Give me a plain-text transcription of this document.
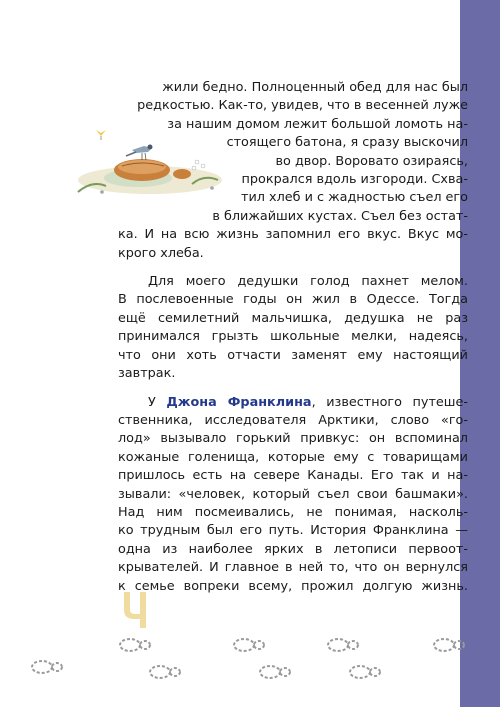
жили бедно. Полноценный обед для нас был
редкостью. Как-то, увидев, что в весенней луже
за нашим домом лежит большой ломоть на-
стоящего батона, я сразу выскочил
во двор. Воровато озираясь,
прокрался вдоль изгороди. Схва-
тил хлеб и с жадностью съел его
в ближайших кустах. Съел без остат-
ка. И на всю жизнь запомнил его вкус. Вкус мо-
крого хлеба.
Для моего дедушки голод пахнет мелом.
В послевоенные годы он жил в Одессе. Тогда
ещё семилетний мальчишка, дедушка не раз
принимался грызть школьные мелки, надеясь,
что они хоть отчасти заменят ему настоящий
завтрак.
У Джона Франклина, известного путеше-
ственника, исследователя Арктики, слово «го-
лод» вызывало горький привкус: он вспоминал
кожаные голенища, которые ему с товарищами
пришлось есть на севере Канады. Его так и на-
зывали: «человек, который съел свои башмаки».
Над ним посмеивались, не понимая, насколь-
ко трудным был его путь. История Франклина —
одна из наиболее ярких в летописи первоот-
крывателей. И главное в ней то, что он вернулся
к семье вопреки всему, прожил долгую жизнь.
